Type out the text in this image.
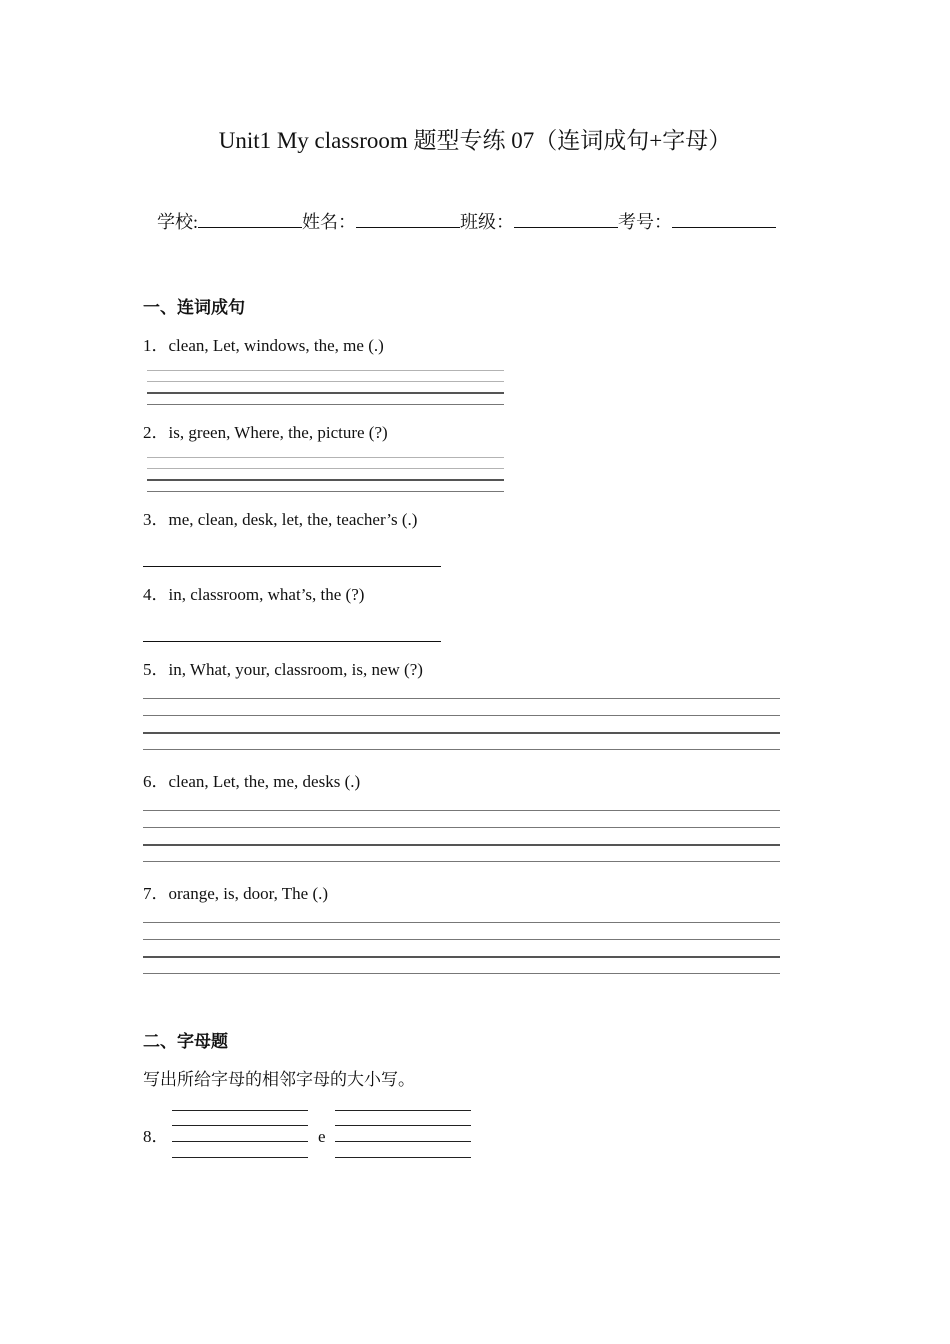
Unit1 My classroom 题型专练 07（连词成句+字母）
学校:	姓名：	班级：	考号：
一、连词成句
1．clean, Let, windows, the, me (.)
2．is, green, Where, the, picture (?)
3．me, clean, desk, let, the, teacher’s (.)
4．in, classroom, what’s, the (?)
5．in, What, your, classroom, is, new (?)
6．clean, Let, the, me, desks (.)
7．orange, is, door, The (.)
二、字母题
写出所给字母的相邻字母的大小写。
8．	e
